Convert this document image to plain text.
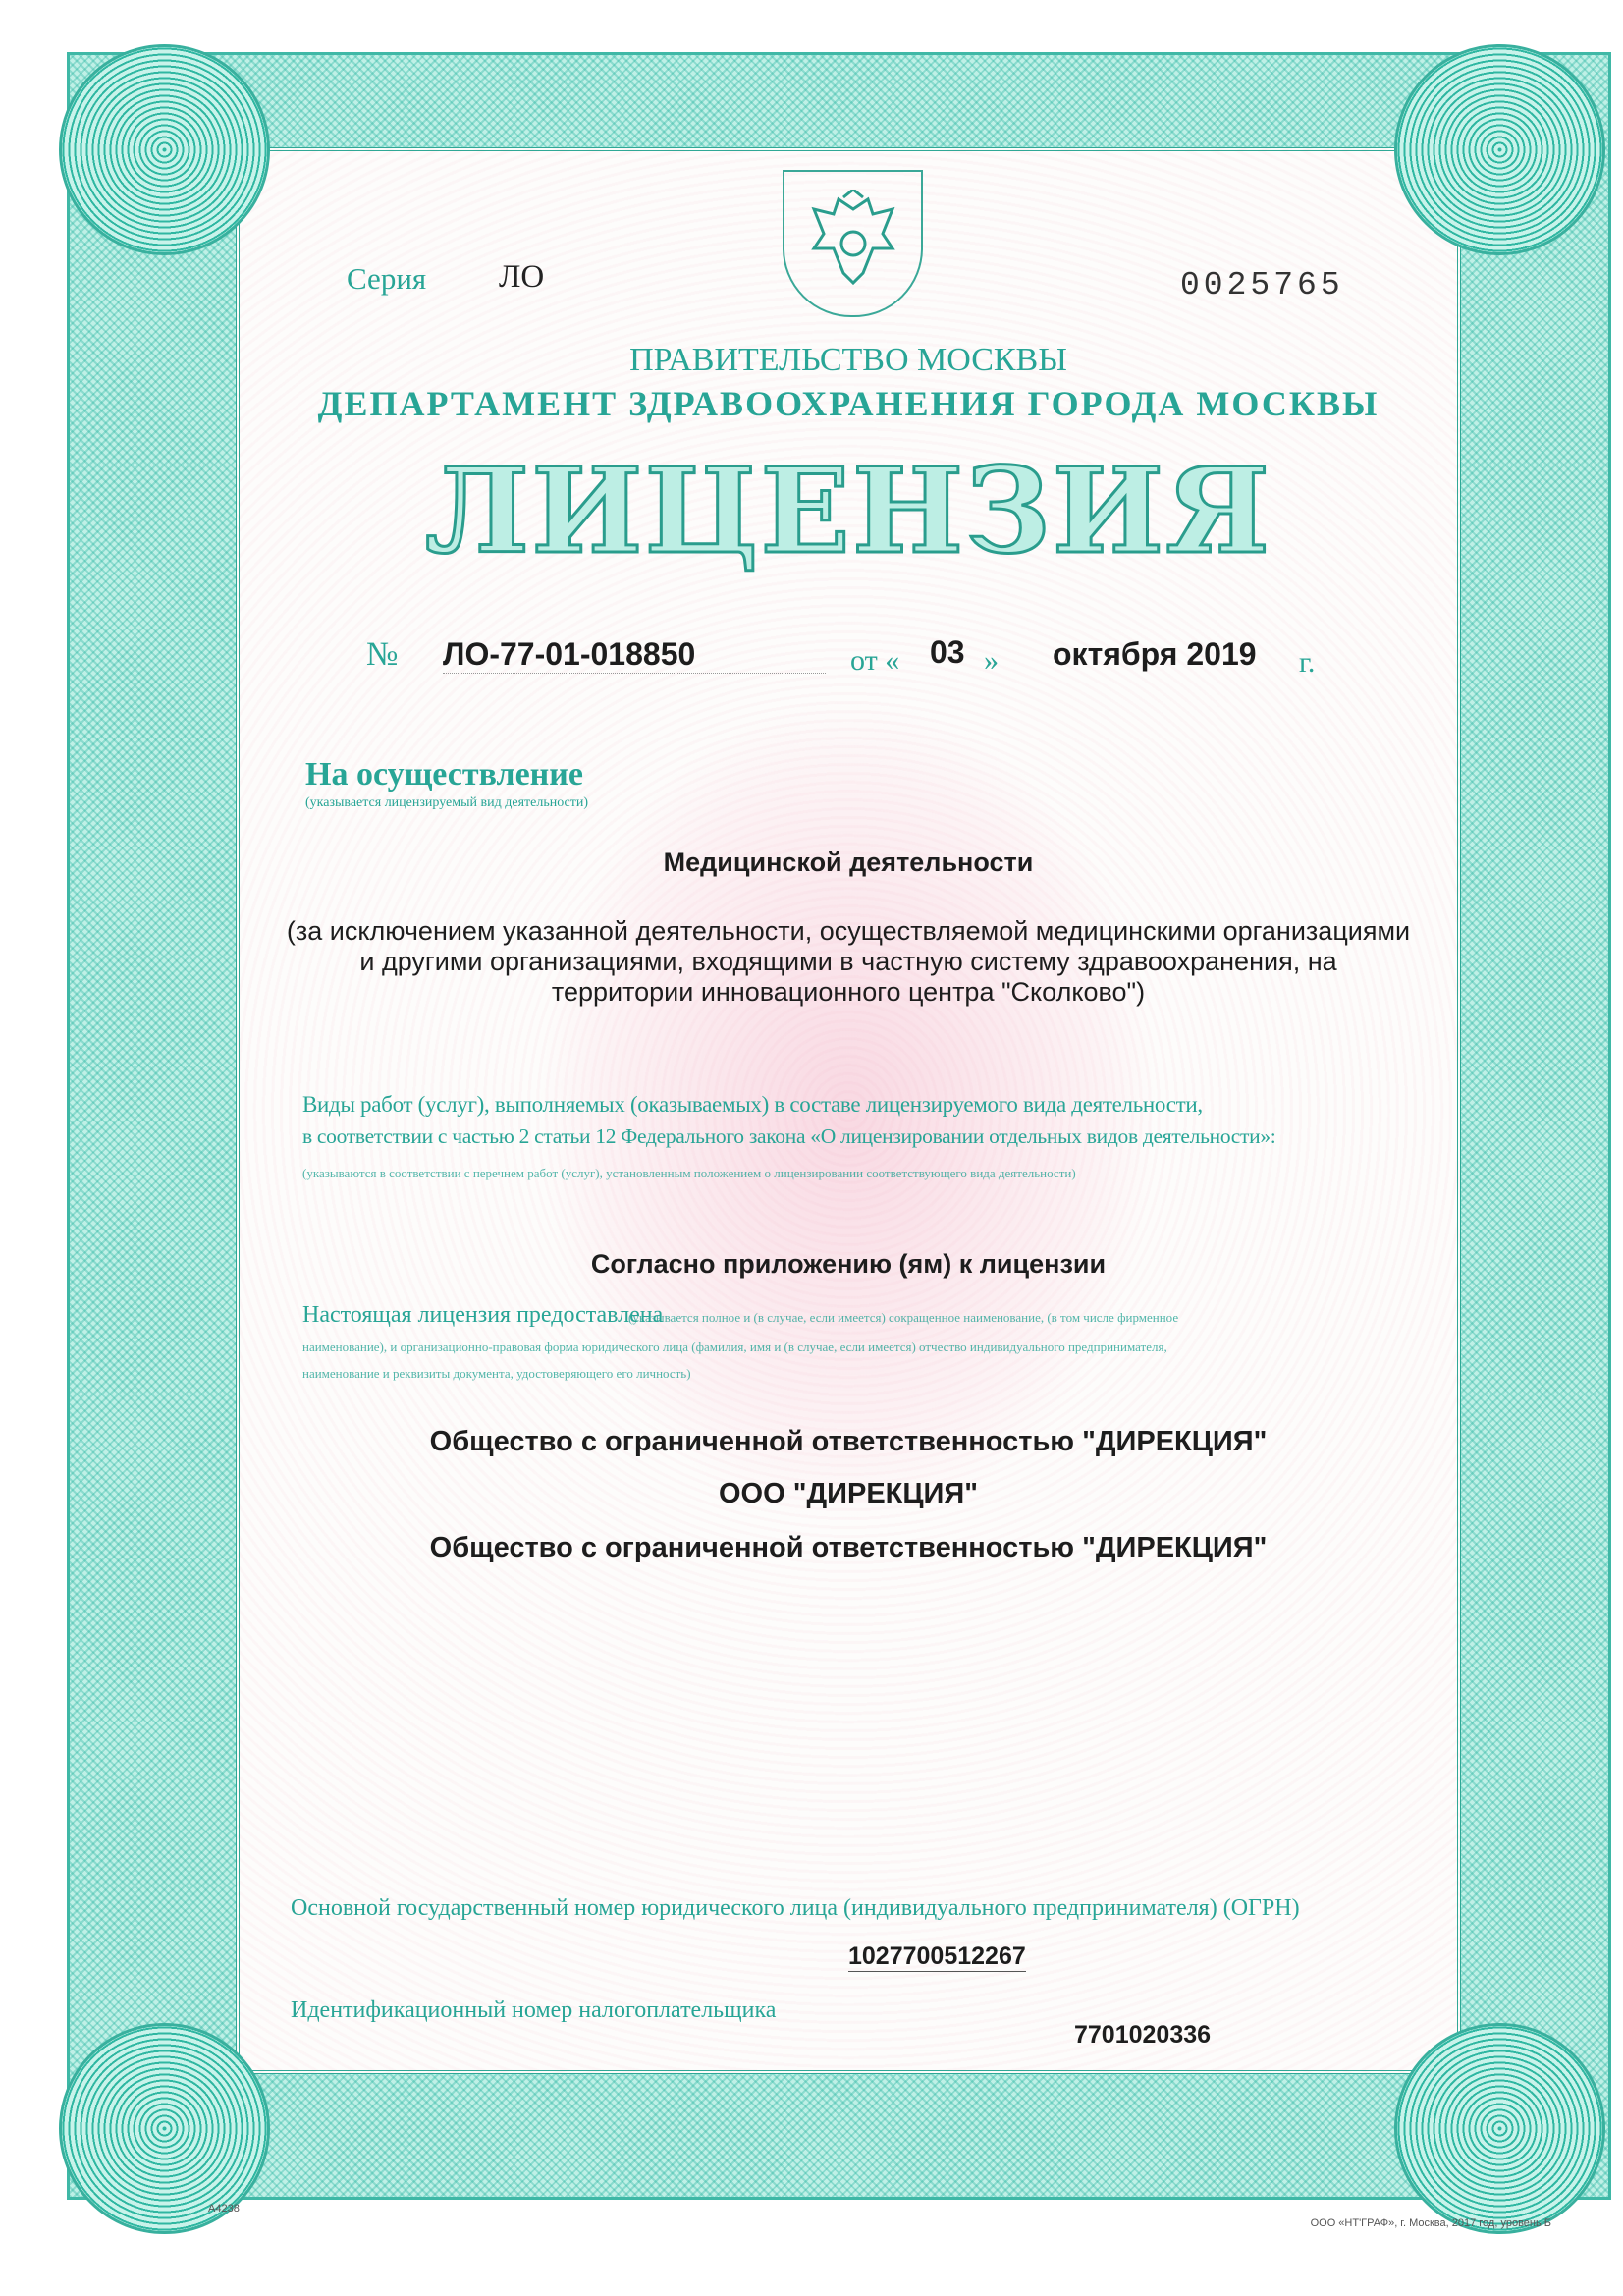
Серия ЛО	0025765
ПРАВИТЕЛЬСТВО МОСКВЫ
ДЕПАРТАМЕНТ ЗДРАВООХРАНЕНИЯ ГОРОДА МОСКВЫ
ЛИЦЕНЗИЯ
№ ЛО-77-01-018850	от « 03 » октября 2019 г.
На осуществление
(указывается лицензируемый вид деятельности)
Медицинской деятельности
(за исключением указанной деятельности, осуществляемой медицинскими организациями
и другими организациями, входящими в частную систему здравоохранения, на
территории инновационного центра "Сколково")
Виды работ (услуг), выполняемых (оказываемых) в составе лицензируемого вида деятельности,
в соответствии с частью 2 статьи 12 Федерального закона «О лицензировании отдельных видов деятельности»:
(указываются в соответствии с перечнем работ (услуг), установленным положением о лицензировании соответствующего вида деятельности)
Согласно приложению (ям) к лицензии
Настоящая лицензия предоставлена
(указывается полное и (в случае, если имеется) сокращенное наименование, (в том числе фирменное
наименование), и организационно-правовая форма юридического лица (фамилия, имя и (в случае, если имеется) отчество индивидуального предпринимателя,
наименование и реквизиты документа, удостоверяющего его личность)
Общество с ограниченной ответственностью "ДИРЕКЦИЯ"
ООО "ДИРЕКЦИЯ"
Общество с ограниченной ответственностью "ДИРЕКЦИЯ"
Основной государственный номер юридического лица (индивидуального предпринимателя) (ОГРН)
1027700512267
Идентификационный номер налогоплательщика
7701020336
А4238
ООО «НТ'ГРАФ», г. Москва, 2017 год, уровень Б
